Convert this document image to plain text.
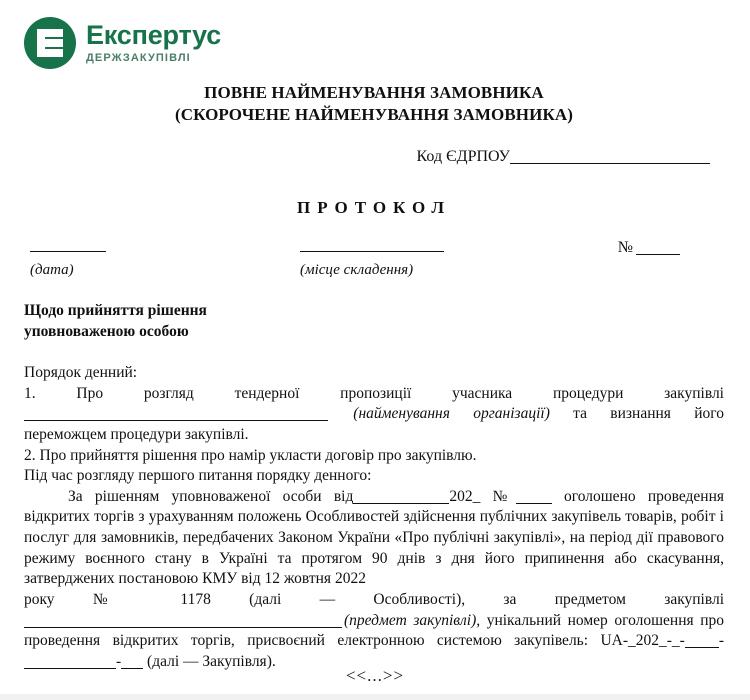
Експертус
ДЕРЖЗАКУПІВЛІ
ПОВНЕ НАЙМЕНУВАННЯ ЗАМОВНИКА
(СКОРОЧЕНЕ НАЙМЕНУВАННЯ ЗАМОВНИКА)
Код ЄДРПОУ
ПРОТОКОЛ
№
(дата)	(місце складення)
Щодо прийняття рішення
уповноваженою особою
Порядок денний:

1.	Про	розгляд	тендерної	пропозиції	учасника	процедури	закупівлі

(найменування організації) та визнання його

переможцем процедури закупівлі.

2. Про прийняття рішення про намір укласти договір про закупівлю.

Під час розгляду першого питання порядку денного:

За рішенням уповноваженої особи від	202_ №	оголошено проведення відкритих торгів з урахуванням положень Особливостей здійснення публічних закупівель товарів, робіт і послуг для замовників, передбачених Законом України «Про публічні закупівлі», на період дії правового режиму воєнного стану в Україні та протягом 90 днів з дня його припинення або скасування, затверджених постановою КМУ від 12 жовтня 2022

року № 1178 (далі — Особливості), за предметом закупівлі

(предмет закупівлі), унікальний номер оголошення про проведення відкритих торгів, присвоєний електронною системою закупівель: UA-_202_-_- -- (далі — Закупівля).

<<...>>
